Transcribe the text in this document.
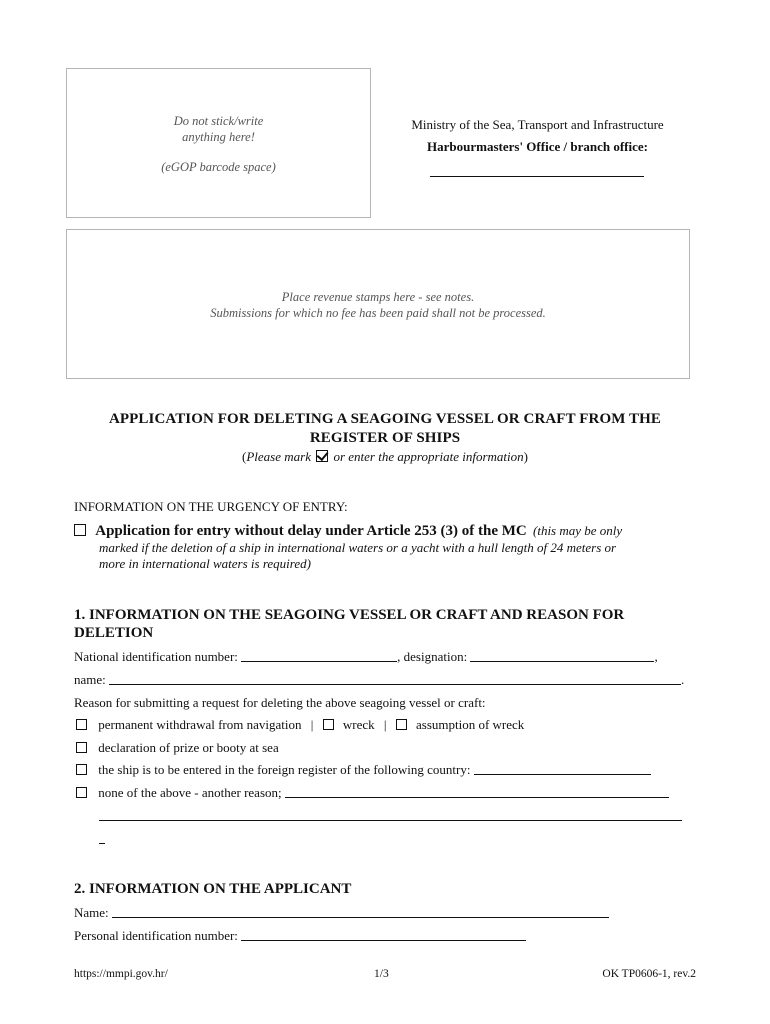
Do not stick/write
anything here!
(eGOP barcode space)
Ministry of the Sea, Transport and Infrastructure
Harbourmasters' Office / branch office:
Place revenue stamps here - see notes.
Submissions for which no fee has been paid shall not be processed.
APPLICATION FOR DELETING A SEAGOING VESSEL OR CRAFT FROM THE
REGISTER OF SHIPS
(Please mark or enter the appropriate information)
INFORMATION ON THE URGENCY OF ENTRY:
Application for entry without delay under Article 253 (3) of the MC (this may be only
marked if the deletion of a ship in international waters or a yacht with a hull length of 24 meters or
more in international waters is required)
1. INFORMATION ON THE SEAGOING VESSEL OR CRAFT AND REASON FOR
DELETION
National identification number:	, designation:	,
name:	.
Reason for submitting a request for deleting the above seagoing vessel or craft:
permanent withdrawal from navigation | wreck | assumption of wreck
declaration of prize or booty at sea
the ship is to be entered in the foreign register of the following country:
none of the above - another reason;
2. INFORMATION ON THE APPLICANT
Name:
Personal identification number:
https://mmpi.gov.hr/	1/3	OK TP0606-1, rev.2
